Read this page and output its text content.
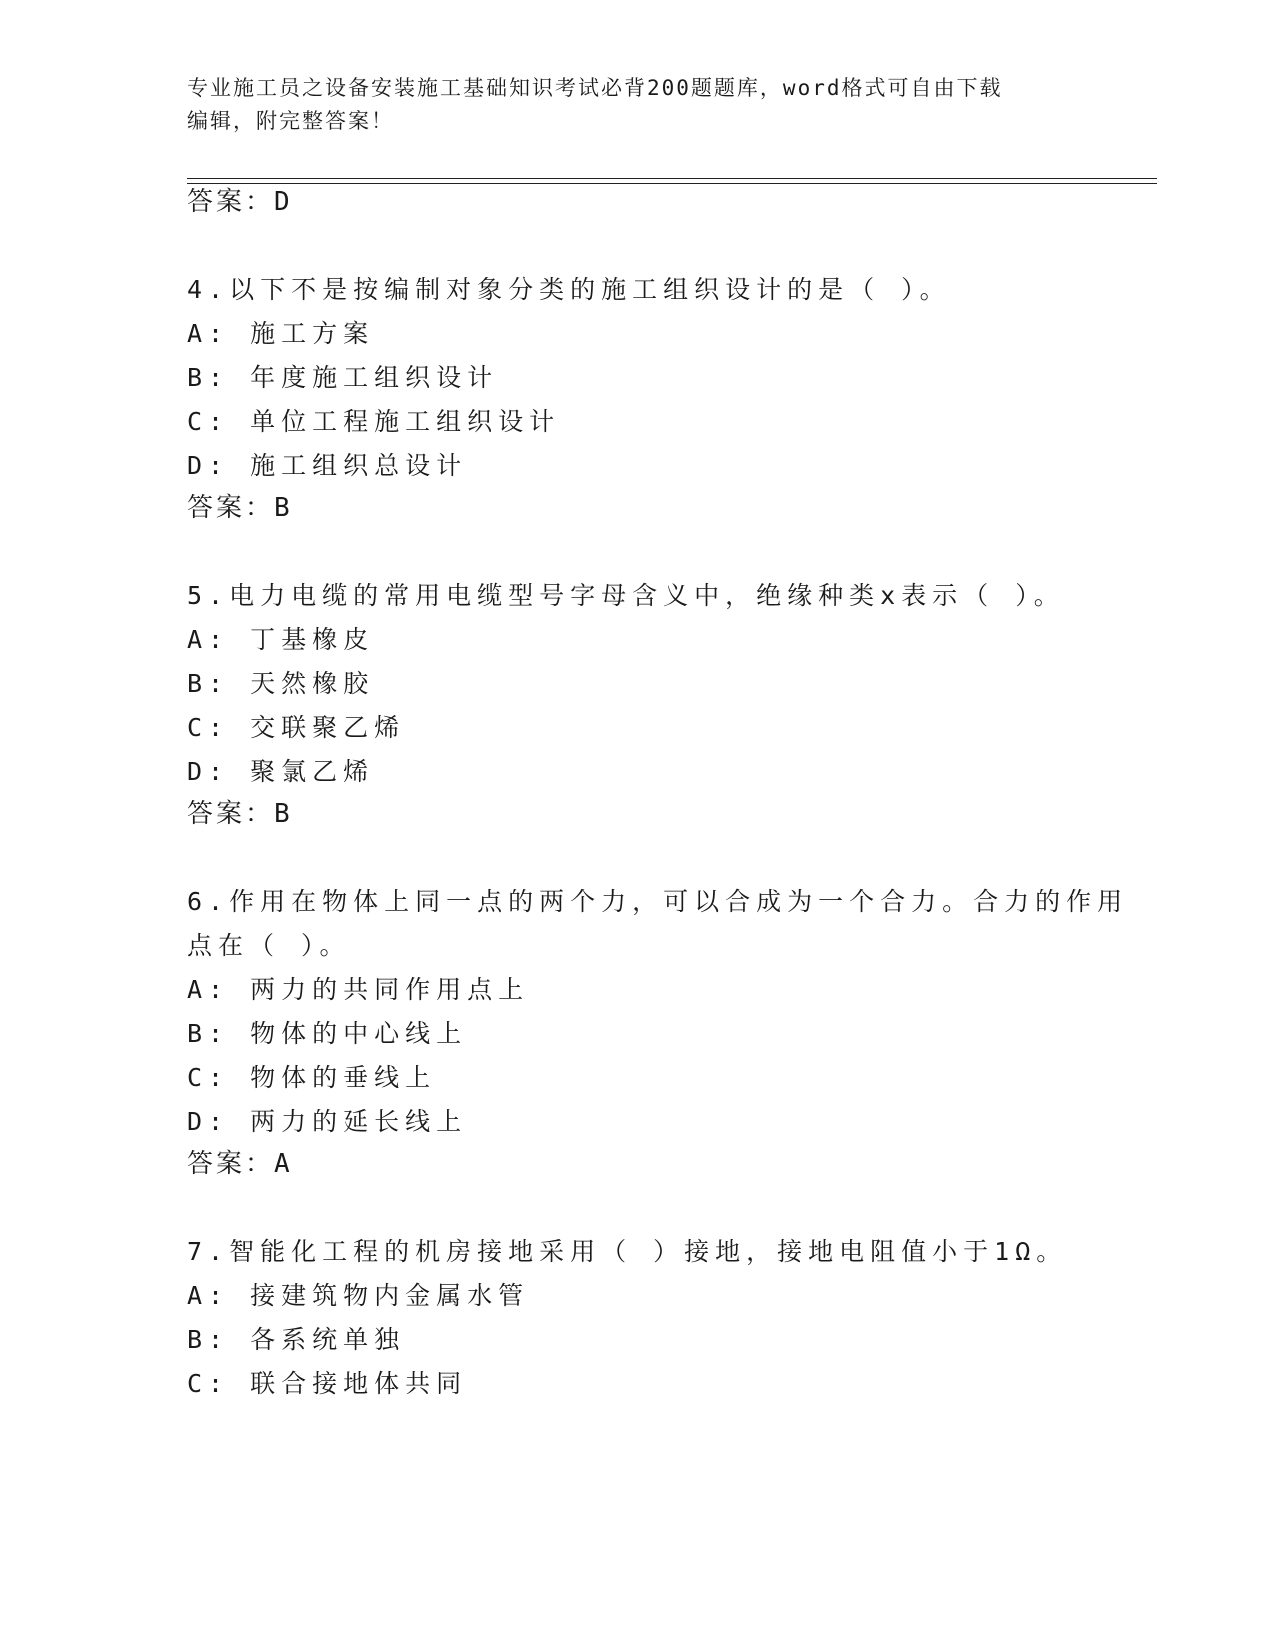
专业施工员之设备安装施工基础知识考试必背200题题库，word格式可自由下载
编辑，附完整答案！
答案：D
4.以下不是按编制对象分类的施工组织设计的是（ ）。
A: 施工方案
B: 年度施工组织设计
C: 单位工程施工组织设计
D: 施工组织总设计
答案：B
5.电力电缆的常用电缆型号字母含义中，绝缘种类x表示（ ）。
A: 丁基橡皮
B: 天然橡胶
C: 交联聚乙烯
D: 聚氯乙烯
答案：B
6.作用在物体上同一点的两个力，可以合成为一个合力。合力的作用
点在（ ）。
A: 两力的共同作用点上
B: 物体的中心线上
C: 物体的垂线上
D: 两力的延长线上
答案：A
7.智能化工程的机房接地采用（ ）接地，接地电阻值小于1Ω。
A: 接建筑物内金属水管
B: 各系统单独
C: 联合接地体共同
